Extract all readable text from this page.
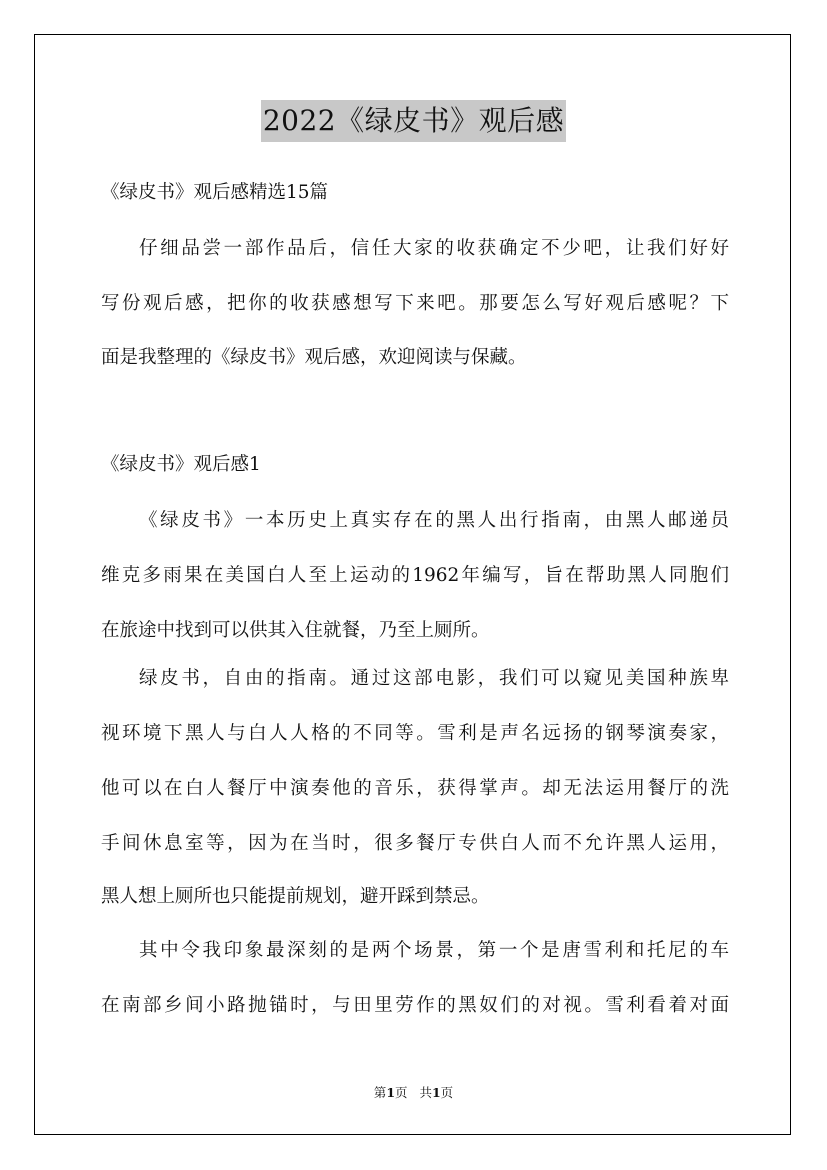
2022《绿皮书》观后感
《绿皮书》观后感精选15篇
仔细品尝一部作品后，信任大家的收获确定不少吧，让我们好好
写份观后感，把你的收获感想写下来吧。那要怎么写好观后感呢？下
面是我整理的《绿皮书》观后感，欢迎阅读与保藏。
《绿皮书》观后感1
《绿皮书》一本历史上真实存在的黑人出行指南，由黑人邮递员
维克多雨果在美国白人至上运动的1962年编写，旨在帮助黑人同胞们
在旅途中找到可以供其入住就餐，乃至上厕所。
绿皮书，自由的指南。通过这部电影，我们可以窥见美国种族卑
视环境下黑人与白人人格的不同等。雪利是声名远扬的钢琴演奏家，
他可以在白人餐厅中演奏他的音乐，获得掌声。却无法运用餐厅的洗
手间休息室等，因为在当时，很多餐厅专供白人而不允许黑人运用，
黑人想上厕所也只能提前规划，避开踩到禁忌。
其中令我印象最深刻的是两个场景，第一个是唐雪利和托尼的车
在南部乡间小路抛锚时，与田里劳作的黑奴们的对视。雪利看着对面
第1页 共1页
